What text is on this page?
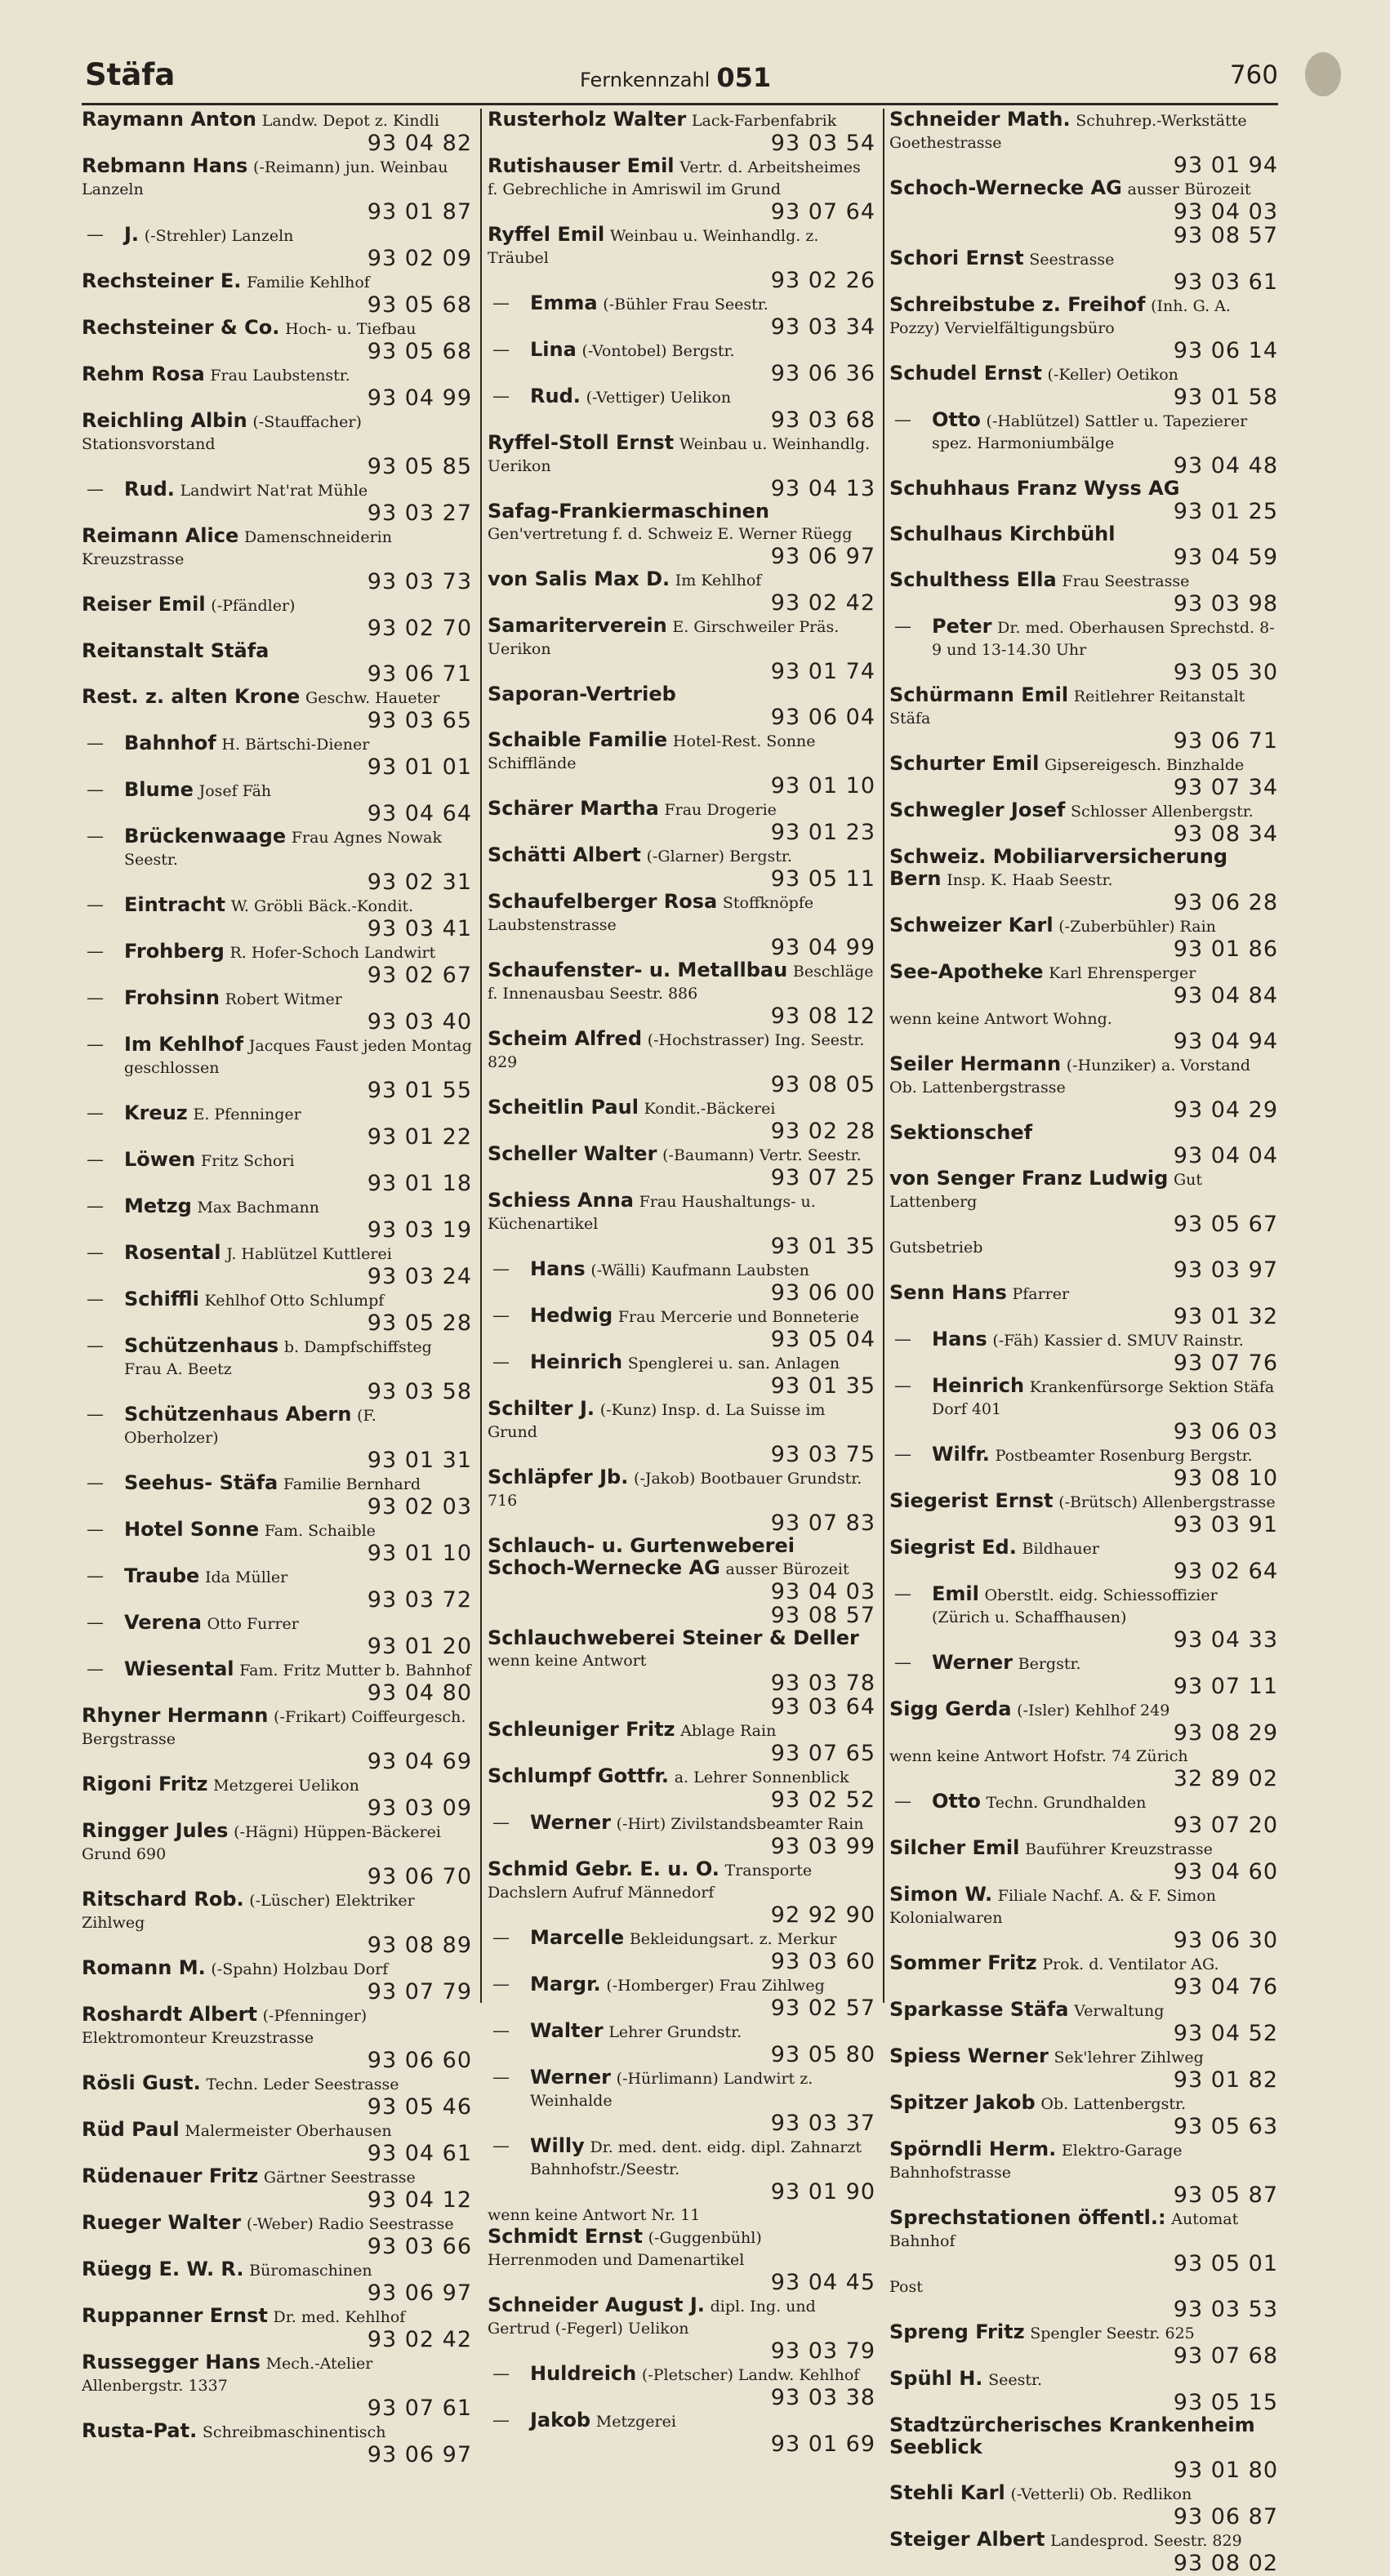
Stäfa	Fernkennzahl 051	760
Raymann Anton Landw. Depot z. Kindli
93 04 82
Rebmann Hans (-Reimann) jun. Weinbau Lanzeln
93 01 87
—	J. (-Strehler) Lanzeln
93 02 09
Rechsteiner E. Familie Kehlhof
93 05 68
Rechsteiner & Co. Hoch- u. Tiefbau
93 05 68
Rehm Rosa Frau Laubstenstr.
93 04 99
Reichling Albin (-Stauffacher) Stationsvorstand
93 05 85
—	Rud. Landwirt Nat'rat Mühle
93 03 27
Reimann Alice Damenschneiderin Kreuzstrasse
93 03 73
Reiser Emil (-Pfändler)
93 02 70
Reitanstalt Stäfa
93 06 71
Rest. z. alten Krone Geschw. Haueter
93 03 65
—	Bahnhof H. Bärtschi-Diener
93 01 01
—	Blume Josef Fäh
93 04 64
—	Brückenwaage Frau Agnes Nowak Seestr.
93 02 31
—	Eintracht W. Gröbli Bäck.-Kondit.
93 03 41
—	Frohberg R. Hofer-Schoch Landwirt
93 02 67
—	Frohsinn Robert Witmer
93 03 40
—	Im Kehlhof Jacques Faust jeden Montag geschlossen
93 01 55
—	Kreuz E. Pfenninger
93 01 22
—	Löwen Fritz Schori
93 01 18
—	Metzg Max Bachmann
93 03 19
—	Rosental J. Hablützel Kuttlerei
93 03 24
—	Schiffli Kehlhof Otto Schlumpf
93 05 28
—	Schützenhaus b. Dampfschiffsteg Frau A. Beetz
93 03 58
—	Schützenhaus Abern (F. Oberholzer)
93 01 31
—	Seehus- Stäfa Familie Bernhard
93 02 03
—	Hotel Sonne Fam. Schaible
93 01 10
—	Traube Ida Müller
93 03 72
—	Verena Otto Furrer
93 01 20
—	Wiesental Fam. Fritz Mutter b. Bahnhof
93 04 80
Rhyner Hermann (-Frikart) Coiffeurgesch. Bergstrasse
93 04 69
Rigoni Fritz Metzgerei Uelikon
93 03 09
Ringger Jules (-Hägni) Hüppen-Bäckerei Grund 690
93 06 70
Ritschard Rob. (-Lüscher) Elektriker Zihlweg
93 08 89
Romann M. (-Spahn) Holzbau Dorf
93 07 79
Roshardt Albert (-Pfenninger) Elektromonteur Kreuzstrasse
93 06 60
Rösli Gust. Techn. Leder Seestrasse
93 05 46
Rüd Paul Malermeister Oberhausen
93 04 61
Rüdenauer Fritz Gärtner Seestrasse
93 04 12
Rueger Walter (-Weber) Radio Seestrasse
93 03 66
Rüegg E. W. R. Büromaschinen
93 06 97
Ruppanner Ernst Dr. med. Kehlhof
93 02 42
Russegger Hans Mech.-Atelier Allenbergstr. 1337
93 07 61
Rusta-Pat. Schreibmaschinentisch
93 06 97
Rusterholz Walter Lack-Farbenfabrik
93 03 54
Rutishauser Emil Vertr. d. Arbeitsheimes f. Gebrechliche in Amriswil im Grund
93 07 64
Ryffel Emil Weinbau u. Weinhandlg. z. Träubel
93 02 26
—	Emma (-Bühler Frau Seestr.
93 03 34
—	Lina (-Vontobel) Bergstr.
93 06 36
—	Rud. (-Vettiger) Uelikon
93 03 68
Ryffel-Stoll Ernst Weinbau u. Weinhandlg. Uerikon
93 04 13
Safag-Frankiermaschinen Gen'vertretung f. d. Schweiz E. Werner Rüegg
93 06 97
von Salis Max D. Im Kehlhof
93 02 42
Samariterverein E. Girschweiler Präs. Uerikon
93 01 74
Saporan-Vertrieb
93 06 04
Schaible Familie Hotel-Rest. Sonne Schifflände
93 01 10
Schärer Martha Frau Drogerie
93 01 23
Schätti Albert (-Glarner) Bergstr.
93 05 11
Schaufelberger Rosa Stoffknöpfe Laubstenstrasse
93 04 99
Schaufenster- u. Metallbau Beschläge f. Innenausbau Seestr. 886
93 08 12
Scheim Alfred (-Hochstrasser) Ing. Seestr. 829
93 08 05
Scheitlin Paul Kondit.-Bäckerei
93 02 28
Scheller Walter (-Baumann) Vertr. Seestr.
93 07 25
Schiess Anna Frau Haushaltungs- u. Küchenartikel
93 01 35
—	Hans (-Wälli) Kaufmann Laubsten
93 06 00
—	Hedwig Frau Mercerie und Bonneterie
93 05 04
—	Heinrich Spenglerei u. san. Anlagen
93 01 35
Schilter J. (-Kunz) Insp. d. La Suisse im Grund
93 03 75
Schläpfer Jb. (-Jakob) Bootbauer Grundstr. 716
93 07 83
Schlauch- u. Gurtenweberei Schoch-Wernecke AG ausser Bürozeit
93 04 03
93 08 57
Schlauchweberei Steiner & Deller wenn keine Antwort
93 03 78
93 03 64
Schleuniger Fritz Ablage Rain
93 07 65
Schlumpf Gottfr. a. Lehrer Sonnenblick
93 02 52
—	Werner (-Hirt) Zivilstandsbeamter Rain
93 03 99
Schmid Gebr. E. u. O. Transporte Dachslern Aufruf Männedorf
92 92 90
—	Marcelle Bekleidungsart. z. Merkur
93 03 60
—	Margr. (-Homberger) Frau Zihlweg
93 02 57
—	Walter Lehrer Grundstr.
93 05 80
—	Werner (-Hürlimann) Landwirt z. Weinhalde
93 03 37
—	Willy Dr. med. dent. eidg. dipl. Zahnarzt Bahnhofstr./Seestr.
93 01 90
wenn keine Antwort Nr. 11
Schmidt Ernst (-Guggenbühl) Herrenmoden und Damenartikel
93 04 45
Schneider August J. dipl. Ing. und Gertrud (-Fegerl) Uelikon
93 03 79
—	Huldreich (-Pletscher) Landw. Kehlhof
93 03 38
—	Jakob Metzgerei
93 01 69
Schneider Math. Schuhrep.-Werkstätte Goethestrasse
93 01 94
Schoch-Wernecke AG ausser Bürozeit
93 04 03
93 08 57
Schori Ernst Seestrasse
93 03 61
Schreibstube z. Freihof (Inh. G. A. Pozzy) Vervielfältigungsbüro
93 06 14
Schudel Ernst (-Keller) Oetikon
93 01 58
—	Otto (-Hablützel) Sattler u. Tapezierer spez. Harmoniumbälge
93 04 48
Schuhhaus Franz Wyss AG
93 01 25
Schulhaus Kirchbühl
93 04 59
Schulthess Ella Frau Seestrasse
93 03 98
—	Peter Dr. med. Oberhausen Sprechstd. 8-9 und 13-14.30 Uhr
93 05 30
Schürmann Emil Reitlehrer Reitanstalt Stäfa
93 06 71
Schurter Emil Gipsereigesch. Binzhalde
93 07 34
Schwegler Josef Schlosser Allenbergstr.
93 08 34
Schweiz. Mobiliarversicherung Bern Insp. K. Haab Seestr.
93 06 28
Schweizer Karl (-Zuberbühler) Rain
93 01 86
See-Apotheke Karl Ehrensperger
93 04 84
wenn keine Antwort Wohng.
93 04 94
Seiler Hermann (-Hunziker) a. Vorstand Ob. Lattenbergstrasse
93 04 29
Sektionschef
93 04 04
von Senger Franz Ludwig Gut Lattenberg
93 05 67
Gutsbetrieb
93 03 97
Senn Hans Pfarrer
93 01 32
—	Hans (-Fäh) Kassier d. SMUV Rainstr.
93 07 76
—	Heinrich Krankenfürsorge Sektion Stäfa Dorf 401
93 06 03
—	Wilfr. Postbeamter Rosenburg Bergstr.
93 08 10
Siegerist Ernst (-Brütsch) Allenbergstrasse
93 03 91
Siegrist Ed. Bildhauer
93 02 64
—	Emil Oberstlt. eidg. Schiessoffizier (Zürich u. Schaffhausen)
93 04 33
—	Werner Bergstr.
93 07 11
Sigg Gerda (-Isler) Kehlhof 249
93 08 29
wenn keine Antwort Hofstr. 74 Zürich
32 89 02
—	Otto Techn. Grundhalden
93 07 20
Silcher Emil Bauführer Kreuzstrasse
93 04 60
Simon W. Filiale Nachf. A. & F. Simon Kolonialwaren
93 06 30
Sommer Fritz Prok. d. Ventilator AG.
93 04 76
Sparkasse Stäfa Verwaltung
93 04 52
Spiess Werner Sek'lehrer Zihlweg
93 01 82
Spitzer Jakob Ob. Lattenbergstr.
93 05 63
Spörndli Herm. Elektro-Garage Bahnhofstrasse
93 05 87
Sprechstationen öffentl.: Automat Bahnhof
93 05 01
Post
93 03 53
Spreng Fritz Spengler Seestr. 625
93 07 68
Spühl H. Seestr.
93 05 15
Stadtzürcherisches Krankenheim Seeblick
93 01 80
Stehli Karl (-Vetterli) Ob. Redlikon
93 06 87
Steiger Albert Landesprod. Seestr. 829
93 08 02
